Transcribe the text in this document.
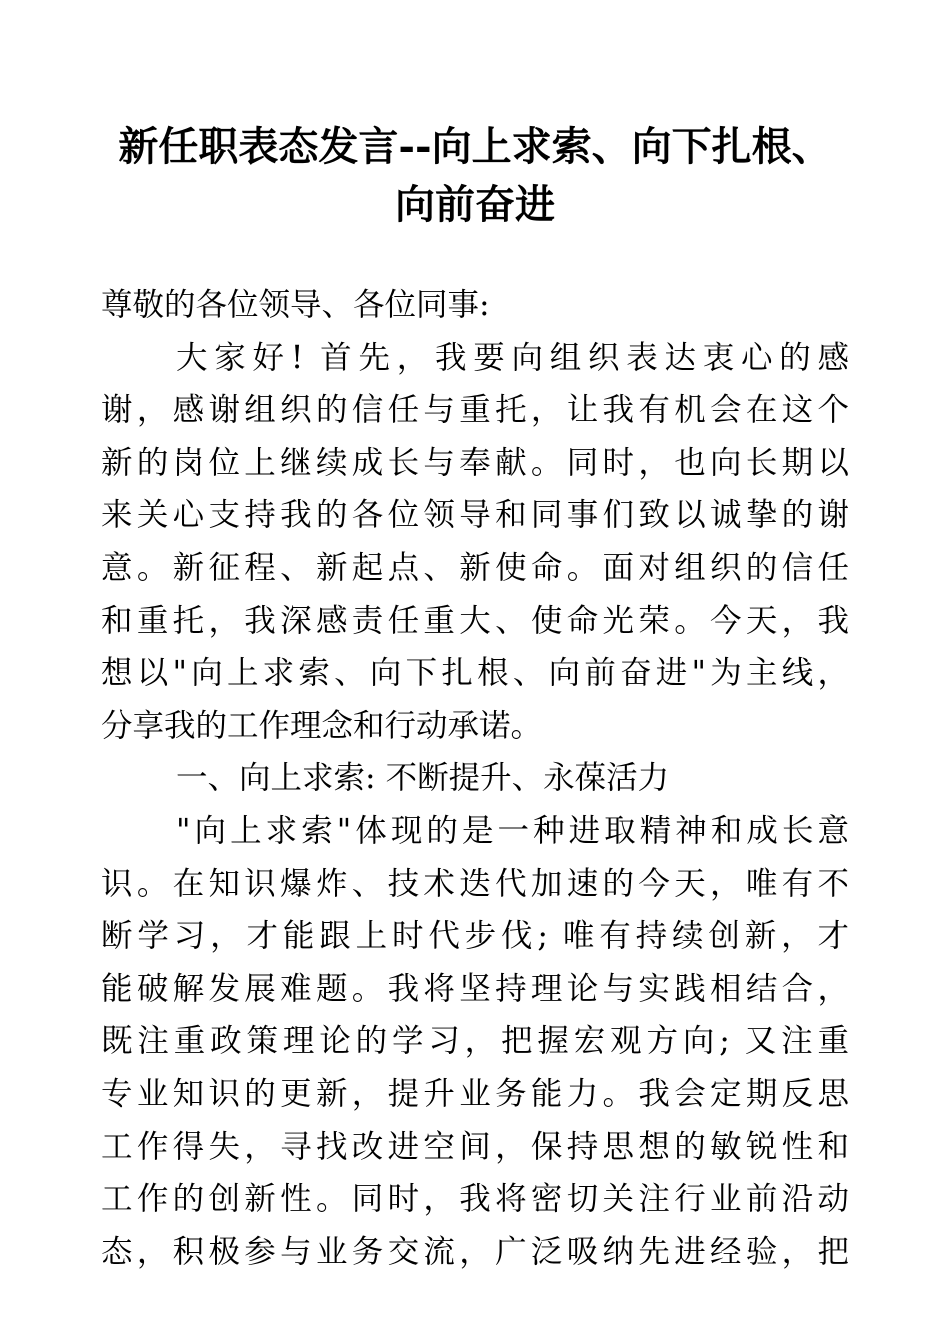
新任职表态发言--向上求索、向下扎根、
向前奋进

尊敬的各位领导、各位同事:

大家好! 首先，我要向组织表达衷心的感
谢，感谢组织的信任与重托，让我有机会在这个
新的岗位上继续成长与奉献。同时，也向长期以
来关心支持我的各位领导和同事们致以诚挚的谢
意。新征程、新起点、新使命。面对组织的信任
和重托，我深感责任重大、使命光荣。今天，我
想以"向上求索、向下扎根、向前奋进"为主线，
分享我的工作理念和行动承诺。

一、向上求索: 不断提升、永葆活力

"向上求索"体现的是一种进取精神和成长意
识。在知识爆炸、技术迭代加速的今天，唯有不
断学习，才能跟上时代步伐; 唯有持续创新，才
能破解发展难题。我将坚持理论与实践相结合，
既注重政策理论的学习，把握宏观方向; 又注重
专业知识的更新，提升业务能力。我会定期反思
工作得失，寻找改进空间，保持思想的敏锐性和
工作的创新性。同时，我将密切关注行业前沿动
态，积极参与业务交流，广泛吸纳先进经验，把
